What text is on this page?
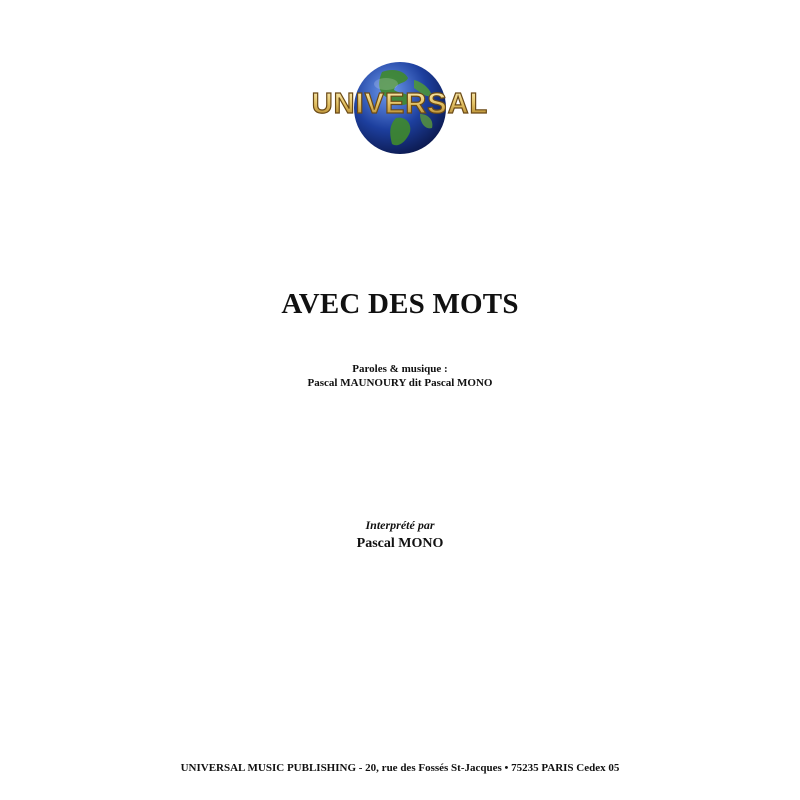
UNIVERSAL
AVEC DES MOTS
Paroles & musique :
Pascal MAUNOURY dit Pascal MONO
Interprété par
Pascal MONO
UNIVERSAL MUSIC PUBLISHING - 20, rue des Fossés St-Jacques • 75235 PARIS Cedex 05
